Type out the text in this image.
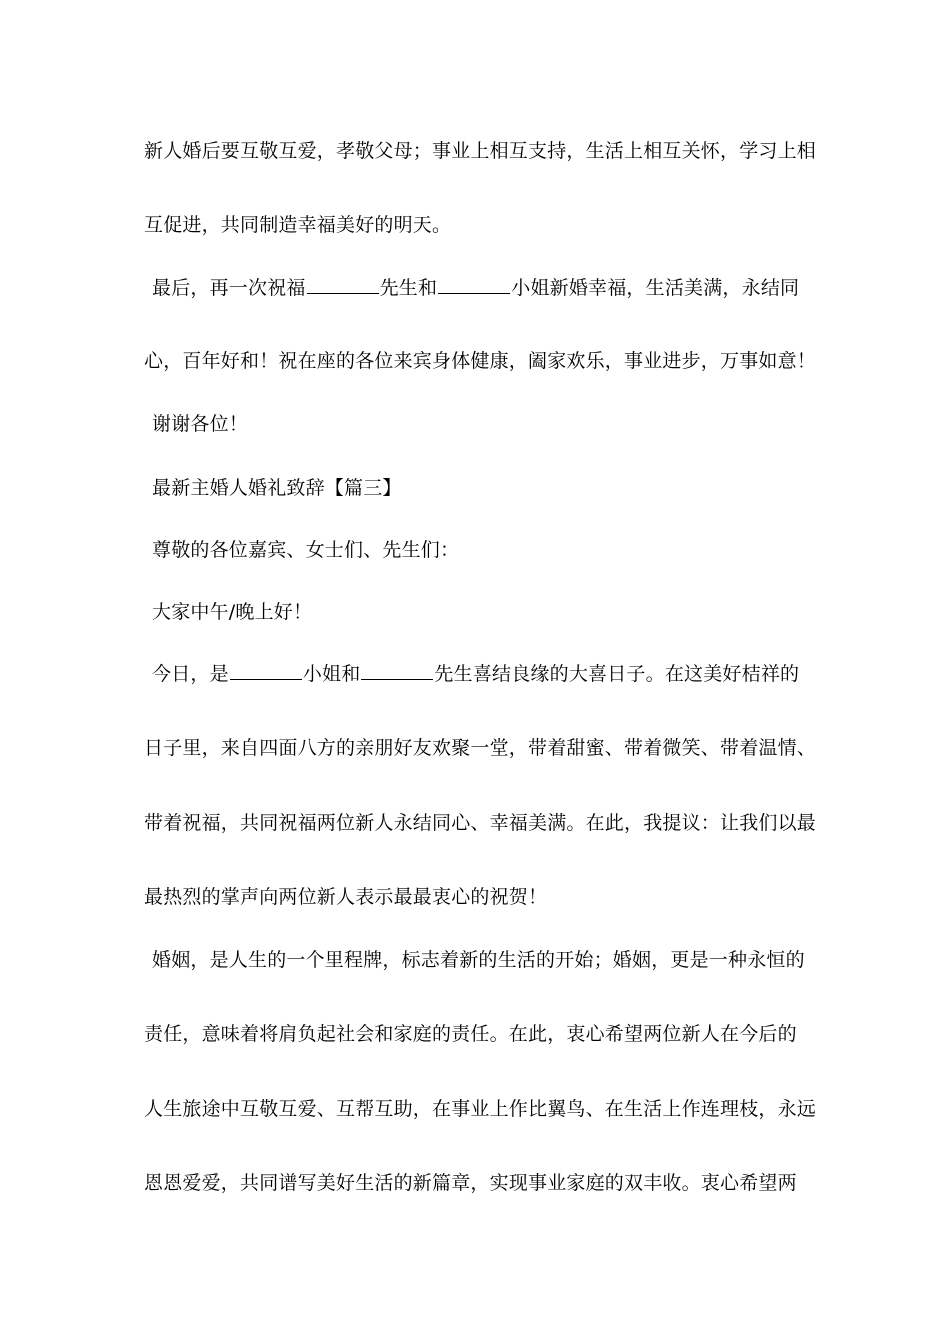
新人婚后要互敬互爱，孝敬父母；事业上相互支持，生活上相互关怀，学习上相
互促进，共同制造幸福美好的明天。
最后，再一次祝福	先生和	小姐新婚幸福，生活美满，永结同
心，百年好和！祝在座的各位来宾身体健康，阖家欢乐，事业进步，万事如意！
谢谢各位！
最新主婚人婚礼致辞【篇三】
尊敬的各位嘉宾、女士们、先生们：
大家中午/晚上好！
今日，是	小姐和	先生喜结良缘的大喜日子。在这美好桔祥的
日子里，来自四面八方的亲朋好友欢聚一堂，带着甜蜜、带着微笑、带着温情、
带着祝福，共同祝福两位新人永结同心、幸福美满。在此，我提议：让我们以最
最热烈的掌声向两位新人表示最最衷心的祝贺！
婚姻，是人生的一个里程牌，标志着新的生活的开始；婚姻，更是一种永恒的
责任，意味着将肩负起社会和家庭的责任。在此，衷心希望两位新人在今后的
人生旅途中互敬互爱、互帮互助，在事业上作比翼鸟、在生活上作连理枝，永远
恩恩爱爱，共同谱写美好生活的新篇章，实现事业家庭的双丰收。衷心希望两
